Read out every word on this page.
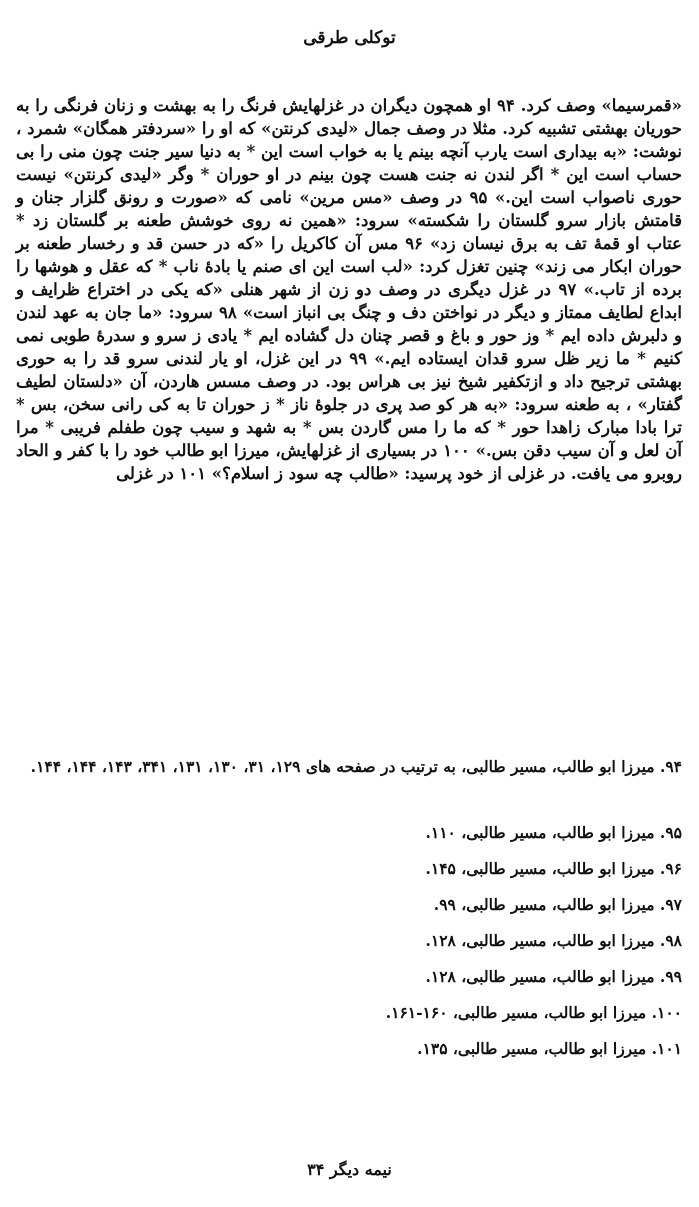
توکلی طرقی

«قمرسیما» وصف کرد. ۹۴ او همچون دیگران در غزلهایش فرنگ را به بهشت و زنان فرنگی را به حوریان بهشتی تشبیه کرد. مثلا در وصف جمال «لیدی کرنتن» که او را «سردفتر همگان» شمرد ، نوشت: «به بیداری است یارب آنچه بینم یا به خواب است این * به دنیا سیر جنت چون منی را بی حساب است این * اگر لندن نه جنت هست چون بینم در او حوران * وگر «لیدی کرنتن» نیست حوری ناصواب است این.» ۹۵ در وصف «مس مرین» نامی که «صورت و رونق گلزار جنان و قامتش بازار سرو گلستان را شکسته» سرود: «همین نه روی خوشش طعنه بر گلستان زد * عتاب او قمهٔ تف به برق نیسان زد» ۹۶ مس آن کاکریل را «که در حسن قد و رخسار طعنه بر حوران ابکار می زند» چنین تغزل کرد: «لب است این ای صنم یا بادهٔ ناب * که عقل و هوشها را برده از تاب.» ۹۷ در غزل دیگری در وصف دو زن از شهر هنلی «که یکی در اختراع ظرایف و ابداع لطایف ممتاز و دیگر در نواختن دف و چنگ بی انباز است» ۹۸ سرود: «ما جان به عهد لندن و دلبرش داده ایم * وز حور و باغ و قصر چنان دل گشاده ایم * یادی ز سرو و سدرهٔ طوبی نمی کنیم * ما زیر ظل سرو قدان ایستاده ایم.» ۹۹ در این غزل، او یار لندنی سرو قد را به حوری بهشتی ترجیح داد و ازتکفیر شیخ نیز بی هراس بود. در وصف مسس هاردن، آن «دلستان لطیف گفتار» ، به طعنه سرود: «به هر کو صد پری در جلوهٔ ناز * ز حوران تا به کی رانی سخن، بس * ترا بادا مبارک زاهدا حور * که ما را مس گاردن بس * به شهد و سیب چون طفلم فریبی * مرا آن لعل و آن سیب دقن بس.» ۱۰۰ در بسیاری از غزلهایش، میرزا ابو طالب خود را با کفر و الحاد روبرو می یافت. در غزلی از خود پرسید: «طالب چه سود ز اسلام؟» ۱۰۱ در غزلی

۹۴. میرزا ابو طالب، مسیر طالبی، به ترتیب در صفحه های ۱۲۹، ۳۱، ۱۳۰، ۱۳۱، ۳۴۱، ۱۴۳، ۱۴۴، ۱۴۴.

۹۵. میرزا ابو طالب، مسیر طالبی، ۱۱۰.

۹۶. میرزا ابو طالب، مسیر طالبی، ۱۴۵.

۹۷. میرزا ابو طالب، مسیر طالبی، ۹۹.

۹۸. میرزا ابو طالب، مسیر طالبی، ۱۲۸.

۹۹. میرزا ابو طالب، مسیر طالبی، ۱۲۸.

۱۰۰. میرزا ابو طالب، مسیر طالبی، ۱۶۰-۱۶۱.

۱۰۱. میرزا ابو طالب، مسیر طالبی، ۱۳۵.

نیمه دیگر ۳۴
